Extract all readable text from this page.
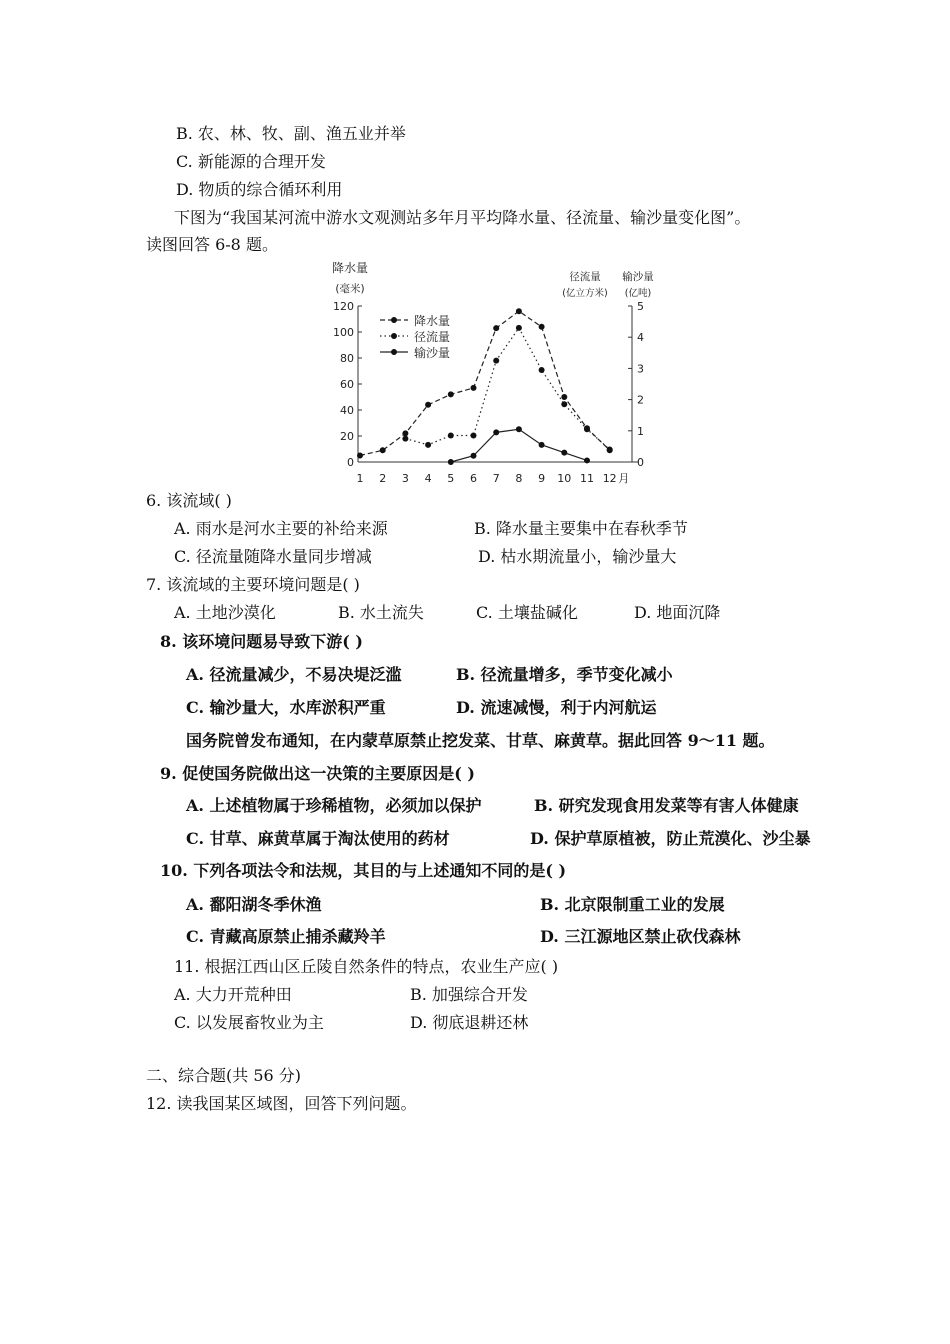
B. 农、林、牧、副、渔五业并举
C. 新能源的合理开发
D. 物质的综合循环利用
下图为“我国某河流中游水文观测站多年月平均降水量、径流量、输沙量变化图”。
读图回答 6-8 题。
0
20
40
60
80
100
120
0
1
2
3
4
5
1 2 3 4 5 6 7 8 9 10 11 12 月
降水量
(毫米)
径流量
(亿立方米)
输沙量
(亿吨)
降水量
径流量
输沙量
6. 该流域( )
A. 雨水是河水主要的补给来源	B. 降水量主要集中在春秋季节
C. 径流量随降水量同步增减	D. 枯水期流量小，输沙量大
7. 该流域的主要环境问题是( )
A. 土地沙漠化	B. 水土流失	C. 土壤盐碱化	D. 地面沉降
8. 该环境问题易导致下游( )
A. 径流量减少，不易决堤泛滥	B. 径流量增多，季节变化减小
C. 输沙量大，水库淤积严重	D. 流速减慢，利于内河航运
国务院曾发布通知，在内蒙草原禁止挖发菜、甘草、麻黄草。据此回答 9～11 题。
9. 促使国务院做出这一决策的主要原因是( )
A. 上述植物属于珍稀植物，必须加以保护	B. 研究发现食用发菜等有害人体健康
C. 甘草、麻黄草属于淘汰使用的药材	D. 保护草原植被，防止荒漠化、沙尘暴
10. 下列各项法令和法规，其目的与上述通知不同的是( )
A. 鄱阳湖冬季休渔	B. 北京限制重工业的发展
C. 青藏高原禁止捕杀藏羚羊	D. 三江源地区禁止砍伐森林
11. 根据江西山区丘陵自然条件的特点，农业生产应( )
A. 大力开荒种田	B. 加强综合开发
C. 以发展畜牧业为主	D. 彻底退耕还林
二、综合题(共 56 分)
12. 读我国某区域图，回答下列问题。
